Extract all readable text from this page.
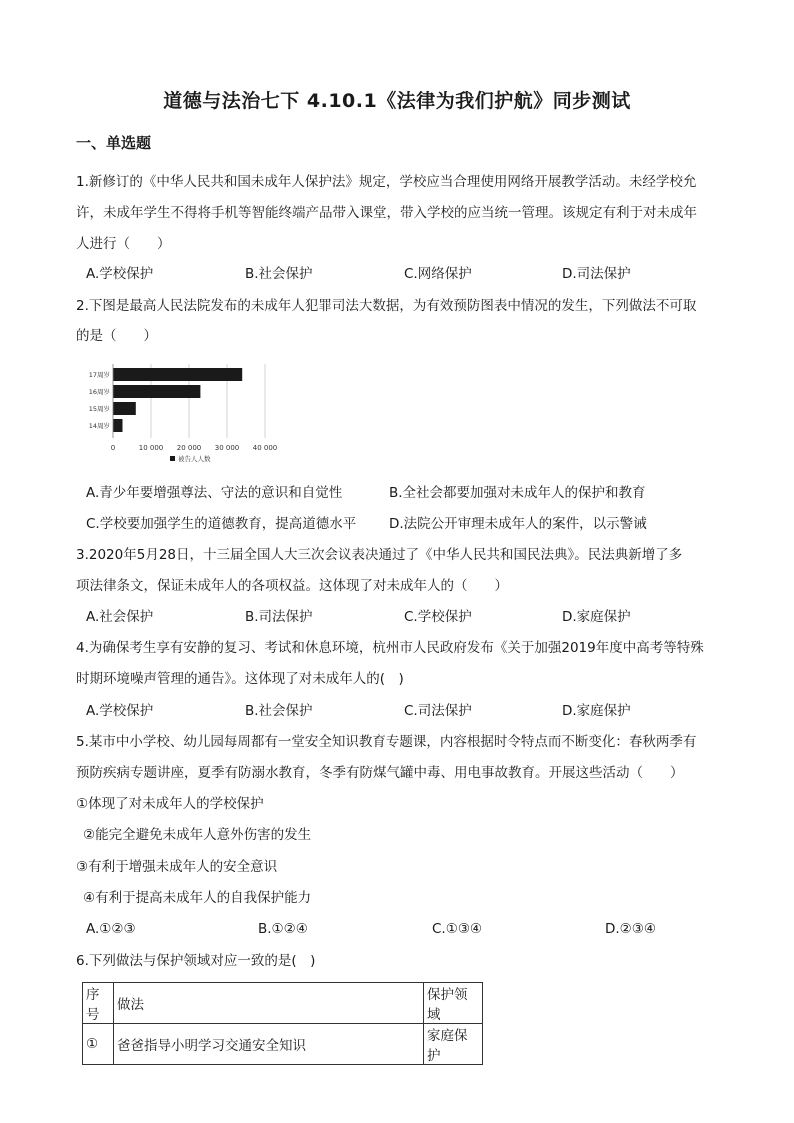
道德与法治七下 4.10.1《法律为我们护航》同步测试
一、单选题
1.新修订的《中华人民共和国未成年人保护法》规定，学校应当合理使用网络开展教学活动。未经学校允
许，未成年学生不得将手机等智能终端产品带入课堂，带入学校的应当统一管理。该规定有利于对未成年
人进行（　　）
A.学校保护	B.社会保护	C.网络保护	D.司法保护
2.下图是最高人民法院发布的未成年人犯罪司法大数据，为有效预防图表中情况的发生，下列做法不可取
的是（　　）
0	10 000 20 000 30 000 40 000
17周岁
16周岁
15周岁
14周岁
被告人人数
A.青少年要增强尊法、守法的意识和自觉性	B.全社会都要加强对未成年人的保护和教育
C.学校要加强学生的道德教育，提高道德水平 D.法院公开审理未成年人的案件，以示警诫
3.2020年5月28日，十三届全国人大三次会议表决通过了《中华人民共和国民法典》。民法典新增了多
项法律条文，保证未成年人的各项权益。这体现了对未成年人的（　　）
A.社会保护	B.司法保护	C.学校保护	D.家庭保护
4.为确保考生享有安静的复习、考试和休息环境，杭州市人民政府发布《关于加强2019年度中高考等特殊
时期环境噪声管理的通告》。这体现了对未成年人的(　)
A.学校保护	B.社会保护	C.司法保护	D.家庭保护
5.某市中小学校、幼儿园每周都有一堂安全知识教育专题课，内容根据时令特点而不断变化：春秋两季有
预防疾病专题讲座，夏季有防溺水教育，冬季有防煤气罐中毒、用电事故教育。开展这些活动（　　）
①体现了对未成年人的学校保护
②能完全避免未成年人意外伤害的发生
③有利于增强未成年人的安全意识
④有利于提高未成年人的自我保护能力
A.①②③	B.①②④	C.①③④	D.②③④
6.下列做法与保护领域对应一致的是(　)
序号	做法	保护领域
①	爸爸指导小明学习交通安全知识	家庭保护
